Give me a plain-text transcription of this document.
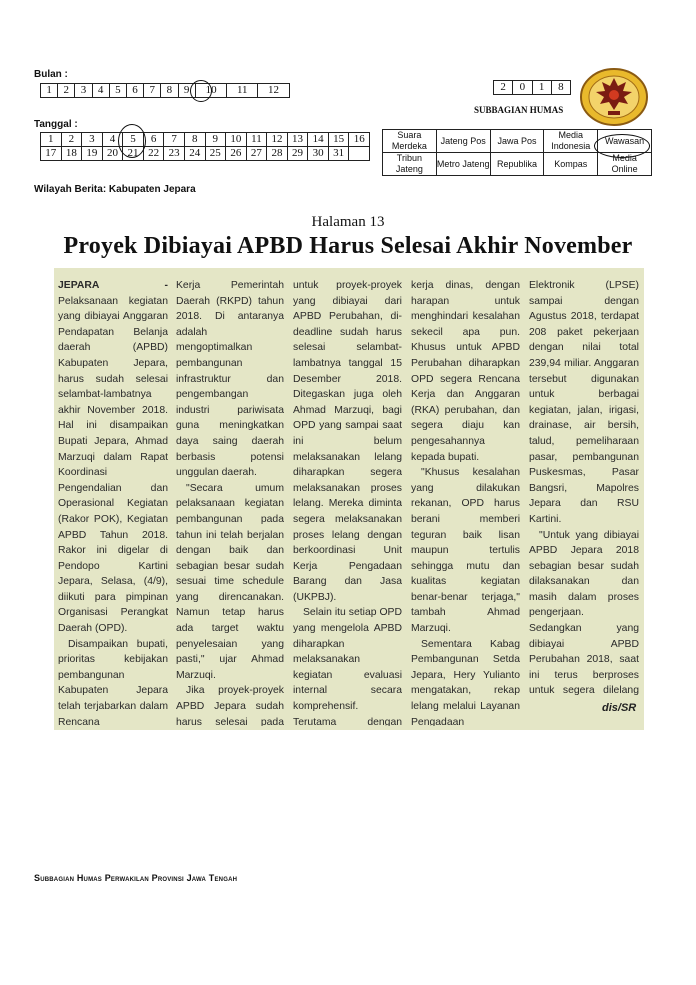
Bulan :
1	2	3	4	5	6	7	8	9	10	11	12	2	0	1	8
SUBBAGIAN HUMAS
Tanggal :
1	2	3	4	5	6	7	8	9	10	11	12	13	14	15	16
17	18	19	20	21	22	23	24	25	26	27	28	29	30	31	
Suara Merdeka	Jateng Pos	Jawa Pos	Media Indonesia	Wawasan
Tribun Jateng	Metro Jateng	Republika	Kompas	Media Online
Wilayah Berita: Kabupaten Jepara
Halaman 13
Proyek Dibiayai APBD Harus Selesai Akhir November

JEPARA - Pelaksanaan kegiatan yang dibiayai Anggaran Pendapatan Belanja daerah (APBD) Kabupaten Jepara, harus sudah selesai selambat-lambatnya akhir November 2018. Hal ini disampaikan Bupati Jepara, Ahmad Marzuqi dalam Rapat Koordinasi Pengendalian dan Operasional Kegiatan (Rakor POK), Kegiatan APBD Tahun 2018. Rakor ini digelar di Pendopo Kartini Jepara, Selasa, (4/9), diikuti para pimpinan Organisasi Perangkat Daerah (OPD).

Disampaikan bupati, prioritas kebijakan pembangunan Kabupaten Jepara telah terjabarkan dalam Rencana

Kerja Pemerintah Daerah (RKPD) tahun 2018. Di antaranya adalah mengoptimalkan pembangunan infrastruktur dan pengembangan industri pariwisata guna meningkatkan daya saing daerah berbasis potensi unggulan daerah.

"Secara umum pelaksanaan kegiatan pembangunan pada tahun ini telah berjalan dengan baik dan sebagian besar sudah sesuai time schedule yang direncanakan. Namun tetap harus ada target waktu penyelesaian yang pasti," ujar Ahmad Marzuqi.

Jika proyek-proyek APBD Jepara sudah harus selesai pada

untuk proyek-proyek yang dibiayai dari APBD Perubahan, di-deadline sudah harus selesai selambat-lambatnya tanggal 15 Desember 2018. Ditegaskan juga oleh Ahmad Marzuqi, bagi OPD yang sampai saat ini belum melaksanakan lelang diharapkan segera melaksanakan proses lelang. Mereka diminta segera melaksanakan proses lelang dengan berkoordinasi Unit Kerja Pengadaan Barang dan Jasa (UKPBJ).

Selain itu setiap OPD yang mengelola APBD diharapkan melaksanakan kegiatan evaluasi internal secara komprehensif. Terutama dengan

kerja dinas, dengan harapan untuk menghindari kesalahan sekecil apa pun. Khusus untuk APBD Perubahan diharapkan OPD segera Rencana Kerja dan Anggaran (RKA) perubahan, dan segera diaju kan pengesahannya kepada bupati.

"Khusus kesalahan yang dilakukan rekanan, OPD harus berani memberi teguran baik lisan maupun tertulis sehingga mutu dan kualitas kegiatan benar-benar terjaga," tambah Ahmad Marzuqi.

Sementara Kabag Pembangunan Setda Jepara, Hery Yulianto mengatakan, rekap lelang melalui Layanan Pengadaan

Elektronik (LPSE) sampai dengan Agustus 2018, terdapat 208 paket pekerjaan dengan nilai total 239,94 miliar. Anggaran tersebut digunakan untuk berbagai kegiatan, jalan, irigasi, drainase, air bersih, talud, pemeliharaan pasar, pembangunan Puskesmas, Pasar Bangsri, Mapolres Jepara dan RSU Kartini.

"Untuk yang dibiayai APBD Jepara 2018 sebagian besar sudah dilaksanakan dan masih dalam proses pengerjaan. Sedangkan yang dibiayai APBD Perubahan 2018, saat ini terus berproses untuk segera dilelang

dis/SR
Subbagian Humas Perwakilan Provinsi Jawa Tengah
